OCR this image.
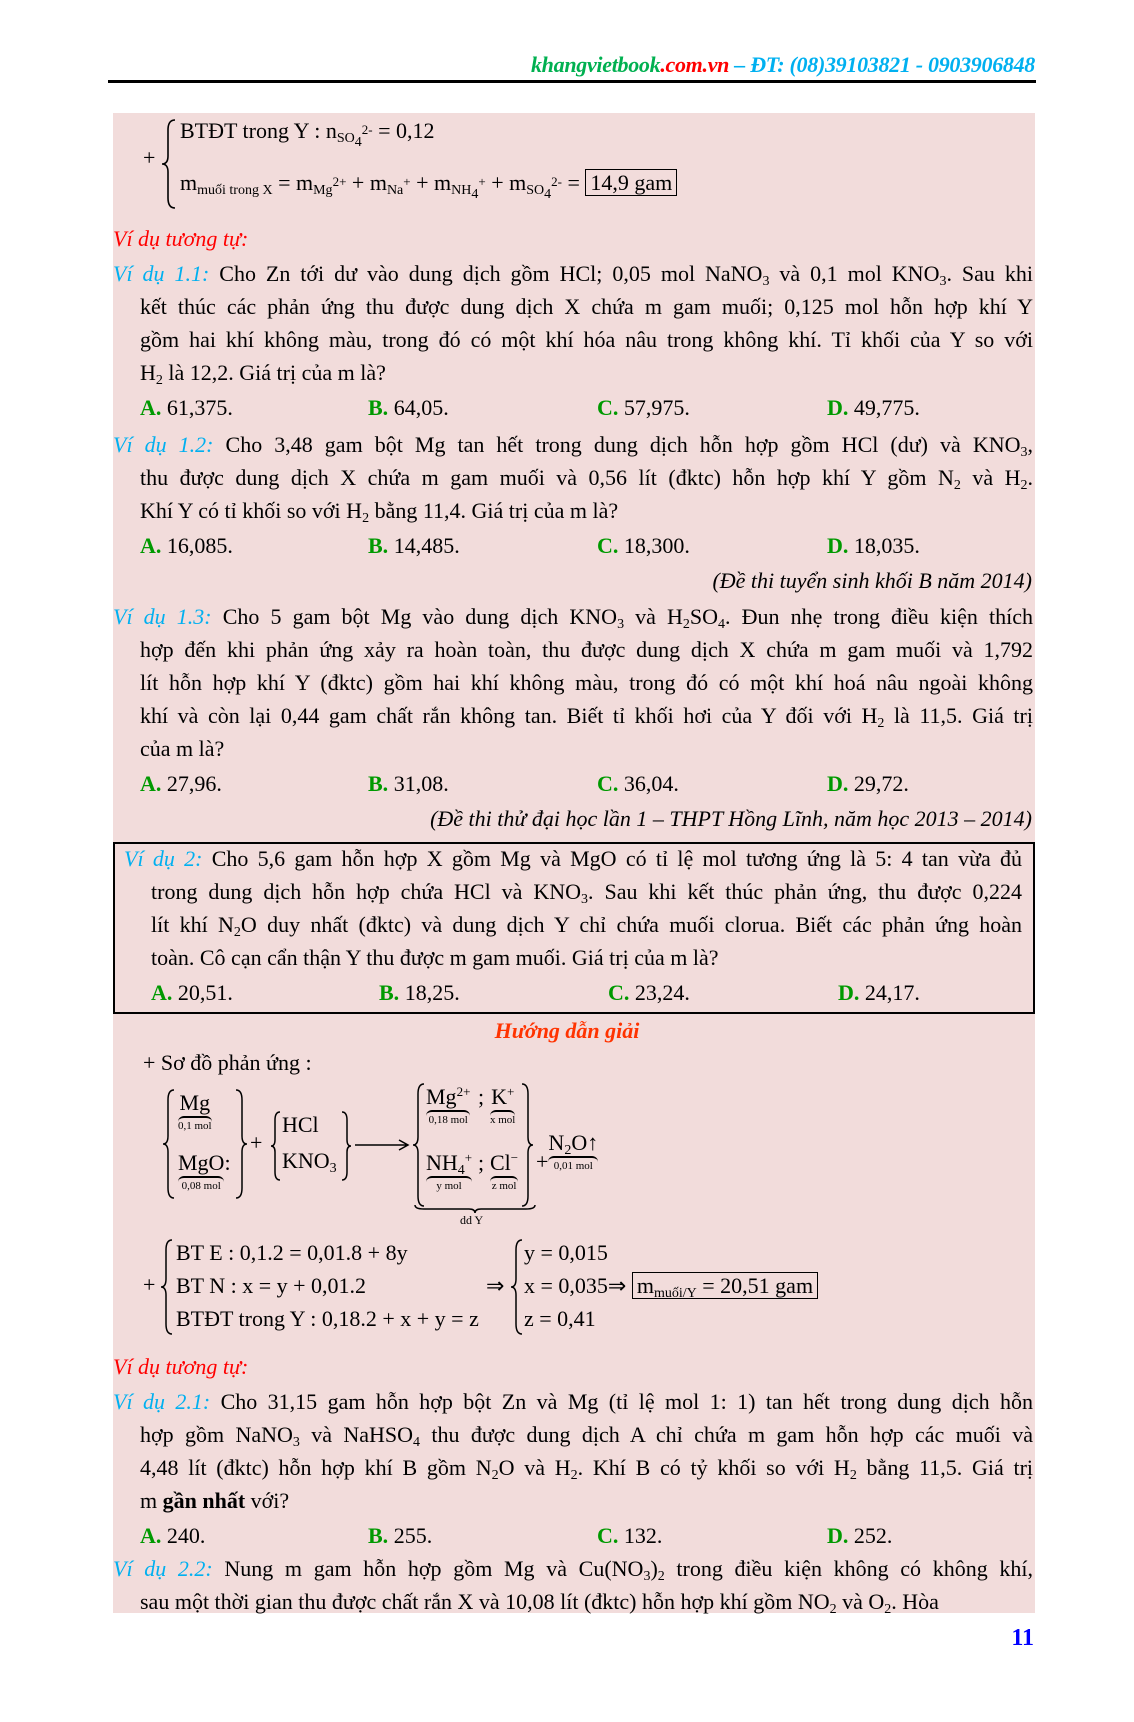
khangvietbook.com.vn – ĐT: (08)39103821 - 0903906848
+
BTĐT trong Y : $n_{SO_4^{2-}} = 0,12$
$m_{muối trong X} = m_{Mg^{2+}} + m_{Na^+} + m_{NH_4^+} + m_{SO_4^{2-}} = 14,9$ gam
Ví dụ tương tự:
Ví dụ 1.1: Cho Zn tới dư vào dung dịch gồm HCl; 0,05 mol NaNO$_3$ và 0,1 mol $KNO_3$. Sau khi
kết thúc các phản ứng thu được dung dịch X chứa m gam muối; 0,125 mol hỗn hợp khí Y
gồm hai khí không màu, trong đó có một khí hóa nâu trong không khí. Tỉ khối của Y so với
$H_2$ là 12,2. Giá trị của m là?
A. 61,375.	B. 64,05.	C. 57,975.	D. 49,775.
Ví dụ 1.2: Cho 3,48 gam bột Mg tan hết trong dung dịch hỗn hợp gồm HCl (dư) và $KNO_3$,
thu được dung dịch X chứa m gam muối và 0,56 lít (đktc) hỗn hợp khí Y gồm $N_2$ và $H_2$.
Khí Y có tỉ khối so với $H_2$ bằng 11,4. Giá trị của m là?
A. 16,085.	B. 14,485.	C. 18,300.	D. 18,035.
(Đề thi tuyển sinh khối B năm 2014)
Ví dụ 1.3: Cho 5 gam bột Mg vào dung dịch $KNO_3$ và $H_2SO_4$. Đun nhẹ trong điều kiện thích
hợp đến khi phản ứng xảy ra hoàn toàn, thu được dung dịch X chứa m gam muối và 1,792
lít hỗn hợp khí Y (đktc) gồm hai khí không màu, trong đó có một khí hoá nâu ngoài không
khí và còn lại 0,44 gam chất rắn không tan. Biết tỉ khối hơi của Y đối với $H_2$ là 11,5. Giá trị
của m là?
A. 27,96.	B. 31,08.	C. 36,04.	D. 29,72.
(Đề thi thử đại học lần 1 – THPT Hồng Lĩnh, năm học 2013 – 2014)
Ví dụ 2: Cho 5,6 gam hỗn hợp X gồm Mg và MgO có tỉ lệ mol tương ứng là 5: 4 tan vừa đủ
trong dung dịch hỗn hợp chứa HCl và $KNO_3$. Sau khi kết thúc phản ứng, thu được 0,224
lít khí $N_2O$ duy nhất (đktc) và dung dịch Y chỉ chứa muối clorua. Biết các phản ứng hoàn
toàn. Cô cạn cẩn thận Y thu được m gam muối. Giá trị của m là?
A. 20,51.	B. 18,25.	C. 23,24.	D. 24,17.
Ví dụ 2.1: Cho 31,15 gam hỗn hợp bột Zn và Mg (tỉ lệ mol 1: 1) tan hết trong dung dịch hỗn
hợp gồm NaNO$_3$ và NaHSO$_4$ thu được dung dịch A chỉ chứa m gam hỗn hợp các muối và
4,48 lít (đktc) hỗn hợp khí B gồm $N_2O$ và $H_2$. Khí B có tỷ khối so với $H_2$ bằng 11,5. Giá trị
m gần nhất với?
A. 240.	B. 255.	C. 132.	D. 252.
Ví dụ 2.2: Nung m gam hỗn hợp gồm Mg và $Cu(NO_3)_2$ trong điều kiện không có không khí,
sau một thời gian thu được chất rắn X và 10,08 lít (đktc) hỗn hợp khí gồm $NO_2$ và $O_2$. Hòa
Hướng dẫn giải
+ Sơ đồ phản ứng :
Mg
0,1 mol
MgO
0,08 mol
:
+
HCl
$KNO_3$
$Mg^{2+}$
0,18 mol
; K+
x mol
$NH_4^+$
y mol
; Cl−
z mol
dd Y
$+N_2O↑$
0,01 mol
+
BT E : 0,1.2 = 0,01.8 + 8y
BT N : x = y + 0,01.2
BTĐT trong Y : 0,18.2 + x + y = z
⇒
y = 0,015
x = 0,035⇒ $m_{muối/Y} = 20,51$ gam
z = 0,41
Ví dụ tương tự:
11
